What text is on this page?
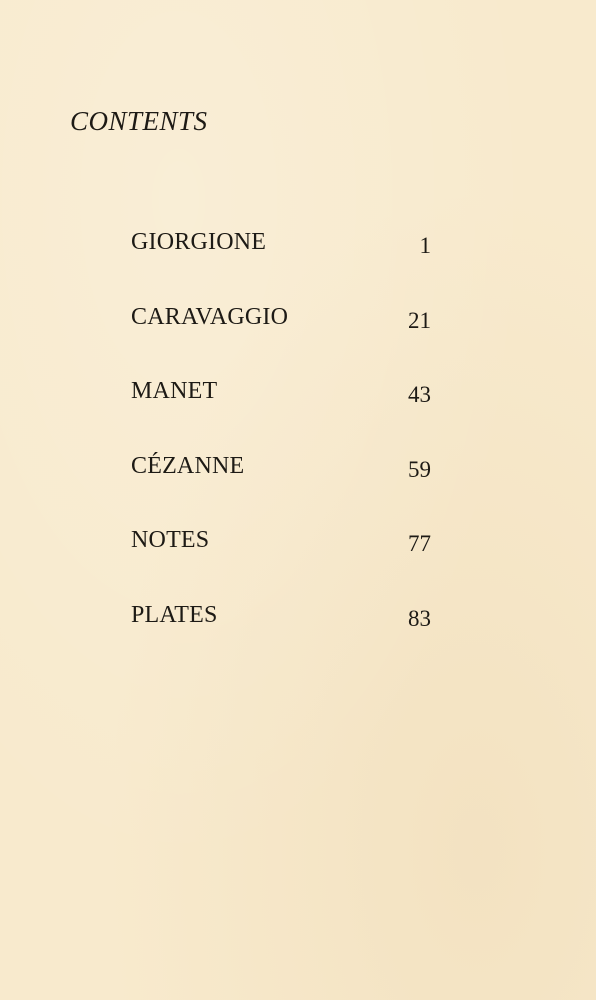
CONTENTS
GIORGIONE	1
CARAVAGGIO	21
MANET	43
CÉZANNE	59
NOTES	77
PLATES	83
